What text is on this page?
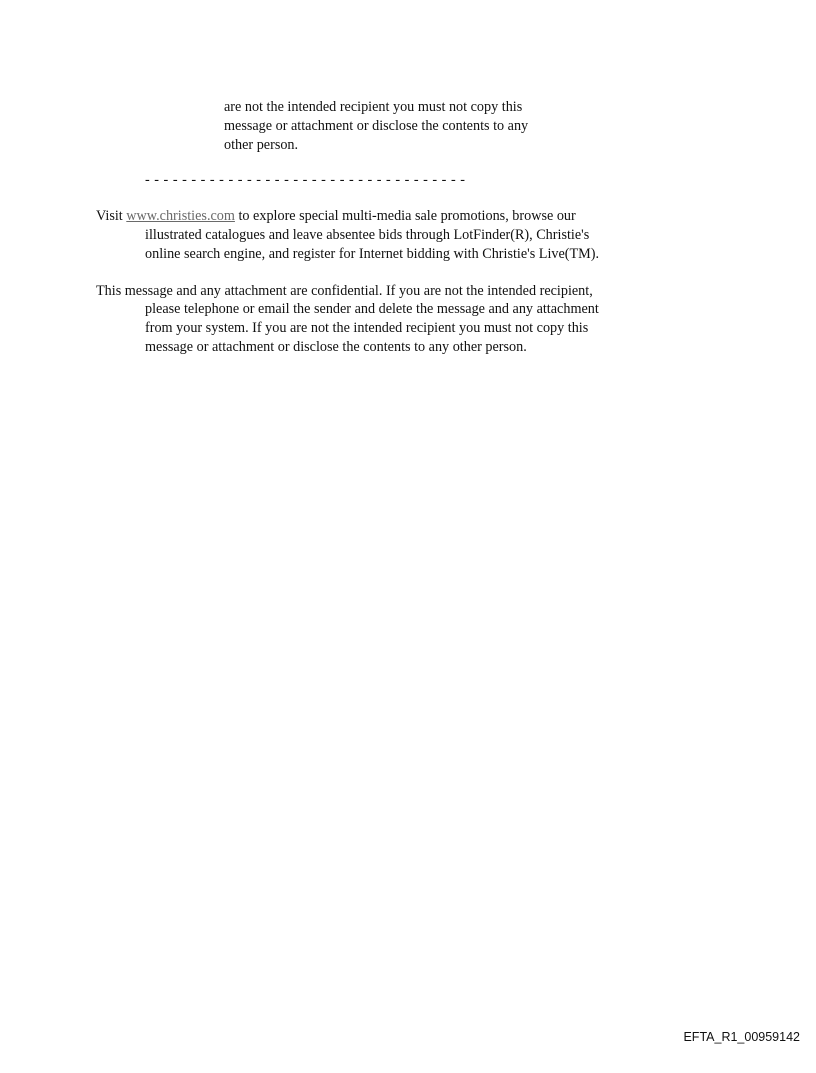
are not the intended recipient you must not copy this
message or attachment or disclose the contents to any
other person.
- - - - - - - - - - - - - - - - - - - - - - - - - - - - - - - - - - -
Visit www.christies.com to explore special multi-media sale promotions, browse our
illustrated catalogues and leave absentee bids through LotFinder(R), Christie's
online search engine, and register for Internet bidding with Christie's Live(TM).
This message and any attachment are confidential. If you are not the intended recipient,
please telephone or email the sender and delete the message and any attachment
from your system. If you are not the intended recipient you must not copy this
message or attachment or disclose the contents to any other person.
EFTA_R1_00959142
